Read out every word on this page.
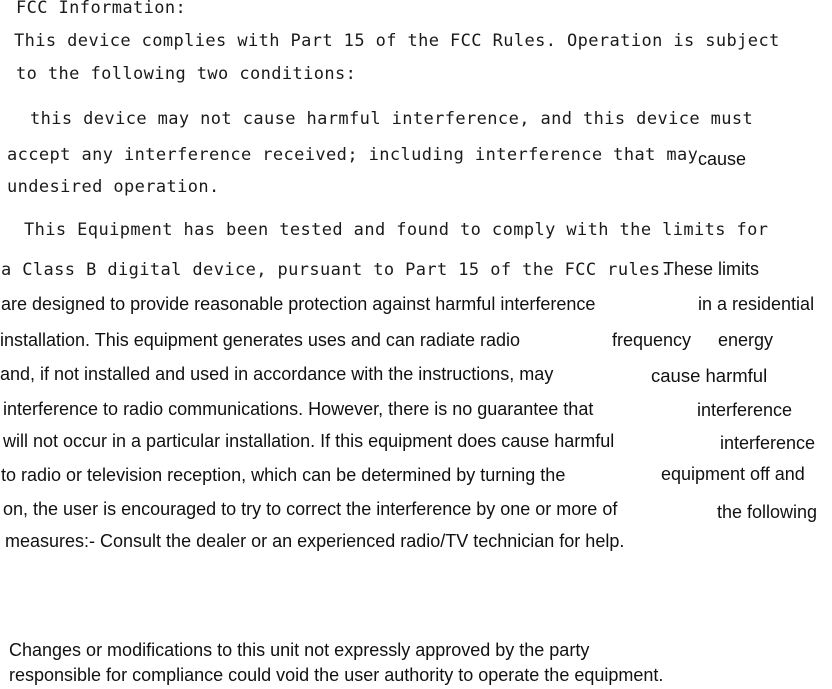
FCC Information:
This device complies with Part 15 of the FCC Rules. Operation is subject
to the following two conditions:
this device may not cause harmful interference, and this device must
accept any interference received; including interference that may cause
undesired operation.
This Equipment has been tested and found to comply with the limits for
a Class B digital device, pursuant to Part 15 of the FCC rules.
These limits
are designed to provide reasonable protection against harmful interference	in a residential
installation. This equipment generates uses and can radiate radio	frequency energy
and, if not installed and used in accordance with the instructions, may	cause harmful
interference to radio communications. However, there is no guarantee that	interference
will not occur in a particular installation. If this equipment does cause harmful	interference
to radio or television reception, which can be determined by turning the	equipment off and
on, the user is encouraged to try to correct the interference by one or more of	the following
measures:- Consult the dealer or an experienced radio/TV technician for help.
Changes or modifications to this unit not expressly approved by the party
responsible for compliance could void the user authority to operate the equipment.
